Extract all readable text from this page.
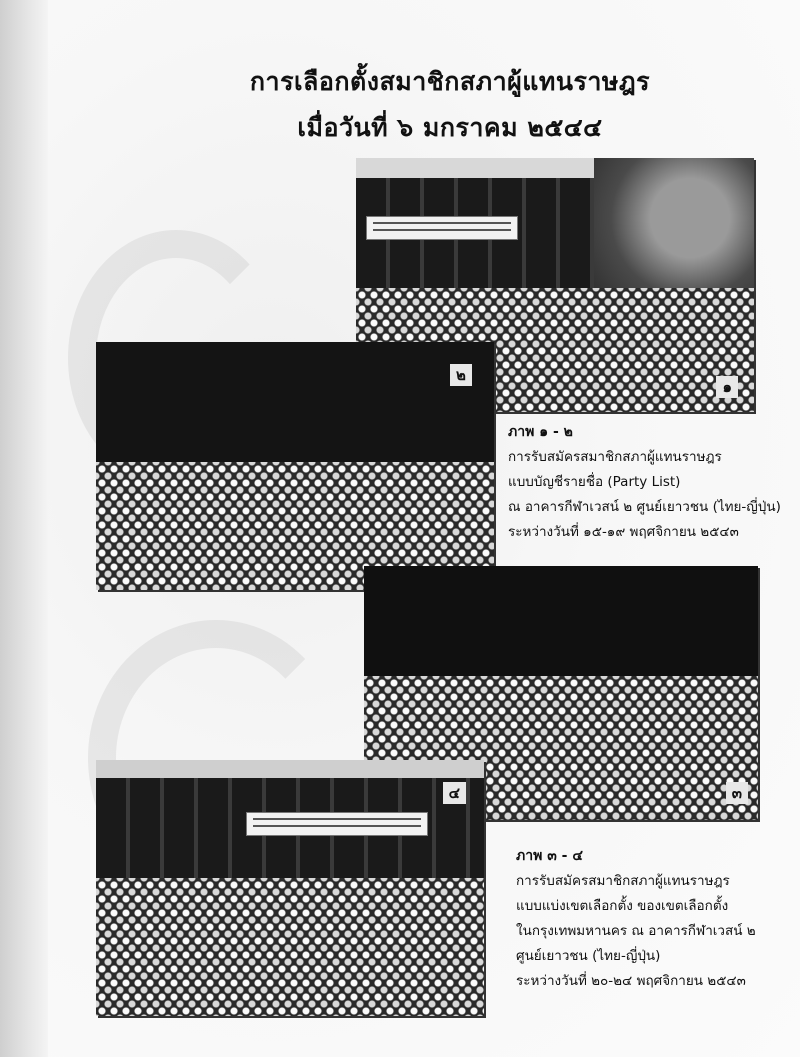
การเลือกตั้งสมาชิกสภาผู้แทนราษฎร
เมื่อวันที่ ๖ มกราคม ๒๕๔๔
๑
๒
ภาพ ๑ - ๒
การรับสมัครสมาชิกสภาผู้แทนราษฎร
แบบบัญชีรายชื่อ (Party List)
ณ อาคารกีฬาเวสน์ ๒ ศูนย์เยาวชน (ไทย-ญี่ปุ่น)
ระหว่างวันที่ ๑๕-๑๙ พฤศจิกายน ๒๕๔๓
๓
๔
ภาพ ๓ - ๔
การรับสมัครสมาชิกสภาผู้แทนราษฎร
แบบแบ่งเขตเลือกตั้ง ของเขตเลือกตั้ง
ในกรุงเทพมหานคร ณ อาคารกีฬาเวสน์ ๒
ศูนย์เยาวชน (ไทย-ญี่ปุ่น)
ระหว่างวันที่ ๒๐-๒๔ พฤศจิกายน ๒๕๔๓
